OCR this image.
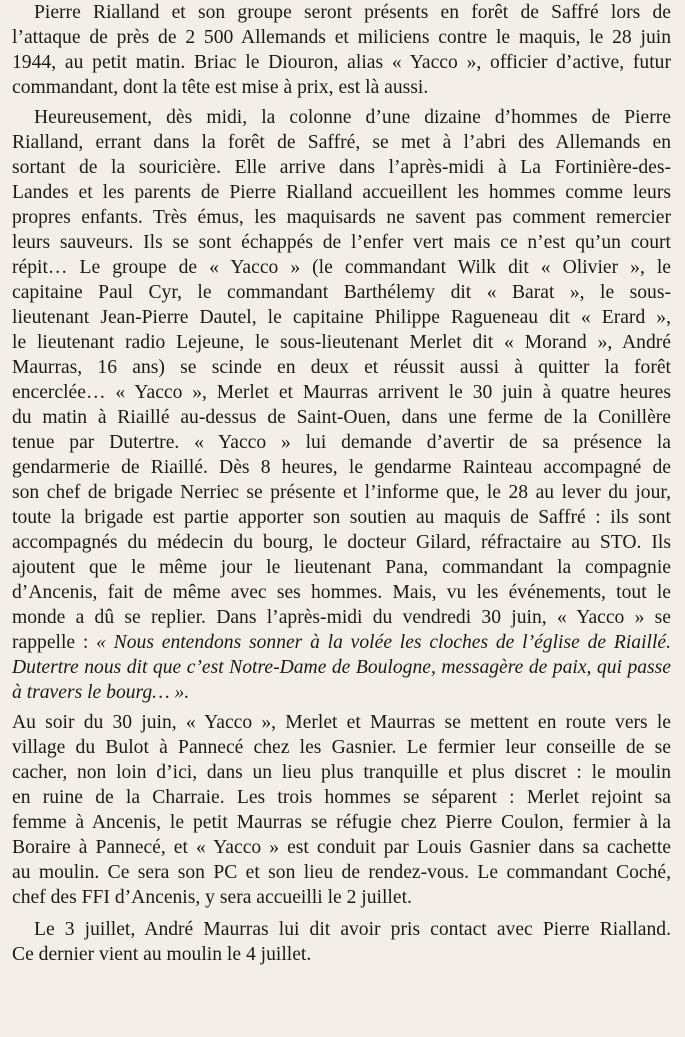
Pierre Rialland et son groupe seront présents en forêt de Saffré lors de
l’attaque de près de 2 500 Allemands et miliciens contre le maquis, le 28 juin
1944, au petit matin. Briac le Diouron, alias « Yacco », officier d’active, futur
commandant, dont la tête est mise à prix, est là aussi.
Heureusement, dès midi, la colonne d’une dizaine d’hommes de Pierre
Rialland, errant dans la forêt de Saffré, se met à l’abri des Allemands en
sortant de la souricière. Elle arrive dans l’après-midi à La Fortinière-des-
Landes et les parents de Pierre Rialland accueillent les hommes comme leurs
propres enfants. Très émus, les maquisards ne savent pas comment remercier
leurs sauveurs. Ils se sont échappés de l’enfer vert mais ce n’est qu’un court
répit… Le groupe de « Yacco » (le commandant Wilk dit « Olivier », le
capitaine Paul Cyr, le commandant Barthélemy dit « Barat », le sous-
lieutenant Jean-Pierre Dautel, le capitaine Philippe Ragueneau dit « Erard »,
le lieutenant radio Lejeune, le sous-lieutenant Merlet dit « Morand », André
Maurras, 16 ans) se scinde en deux et réussit aussi à quitter la forêt
encerclée… « Yacco », Merlet et Maurras arrivent le 30 juin à quatre heures
du matin à Riaillé au-dessus de Saint-Ouen, dans une ferme de la Conillère
tenue par Dutertre. « Yacco » lui demande d’avertir de sa présence la
gendarmerie de Riaillé. Dès 8 heures, le gendarme Rainteau accompagné de
son chef de brigade Nerriec se présente et l’informe que, le 28 au lever du jour,
toute la brigade est partie apporter son soutien au maquis de Saffré : ils sont
accompagnés du médecin du bourg, le docteur Gilard, réfractaire au STO. Ils
ajoutent que le même jour le lieutenant Pana, commandant la compagnie
d’Ancenis, fait de même avec ses hommes. Mais, vu les événements, tout le
monde a dû se replier. Dans l’après-midi du vendredi 30 juin, « Yacco » se
rappelle : « Nous entendons sonner à la volée les cloches de l’église de Riaillé.
Dutertre nous dit que c’est Notre-Dame de Boulogne, messagère de paix, qui passe
à travers le bourg… ».
Au soir du 30 juin, « Yacco », Merlet et Maurras se mettent en route vers le
village du Bulot à Pannecé chez les Gasnier. Le fermier leur conseille de se
cacher, non loin d’ici, dans un lieu plus tranquille et plus discret : le moulin
en ruine de la Charraie. Les trois hommes se séparent : Merlet rejoint sa
femme à Ancenis, le petit Maurras se réfugie chez Pierre Coulon, fermier à la
Boraire à Pannecé, et « Yacco » est conduit par Louis Gasnier dans sa cachette
au moulin. Ce sera son PC et son lieu de rendez-vous. Le commandant Coché,
chef des FFI d’Ancenis, y sera accueilli le 2 juillet.
Le 3 juillet, André Maurras lui dit avoir pris contact avec Pierre Rialland.
Ce dernier vient au moulin le 4 juillet.
